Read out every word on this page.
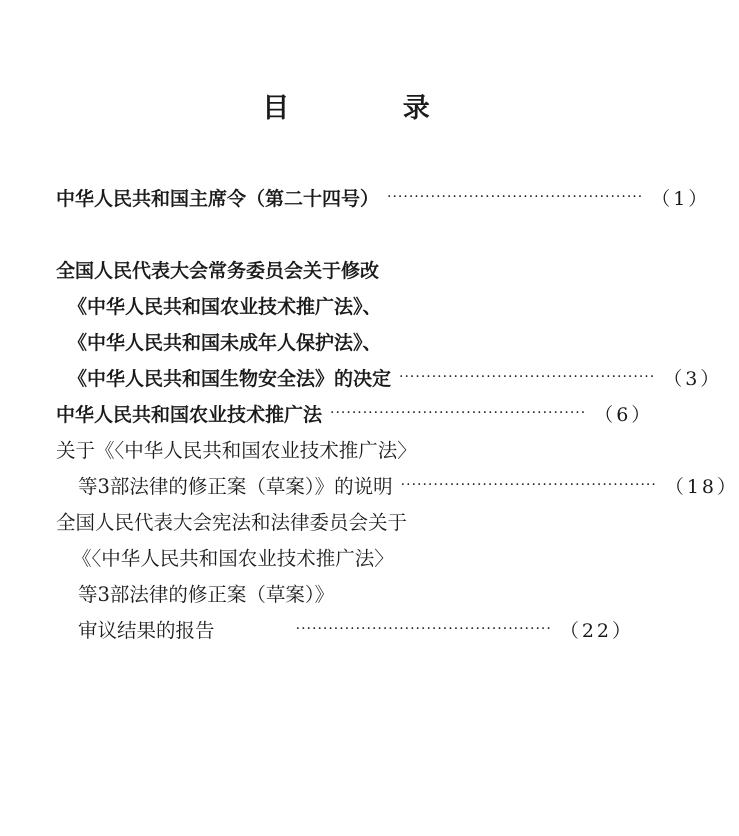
目 录
中华人民共和国主席令（第二十四号） ··············································· （1）
全国人民代表大会常务委员会关于修改
《中华人民共和国农业技术推广法》、
《中华人民共和国未成年人保护法》、
《中华人民共和国生物安全法》的决定 ··············································· （3）
中华人民共和国农业技术推广法 ··············································· （6）
关于《〈中华人民共和国农业技术推广法〉
等3部法律的修正案（草案）》的说明 ··············································· （18）
全国人民代表大会宪法和法律委员会关于
《〈中华人民共和国农业技术推广法〉
等3部法律的修正案（草案）》
审议结果的报告	··············································· （22）
